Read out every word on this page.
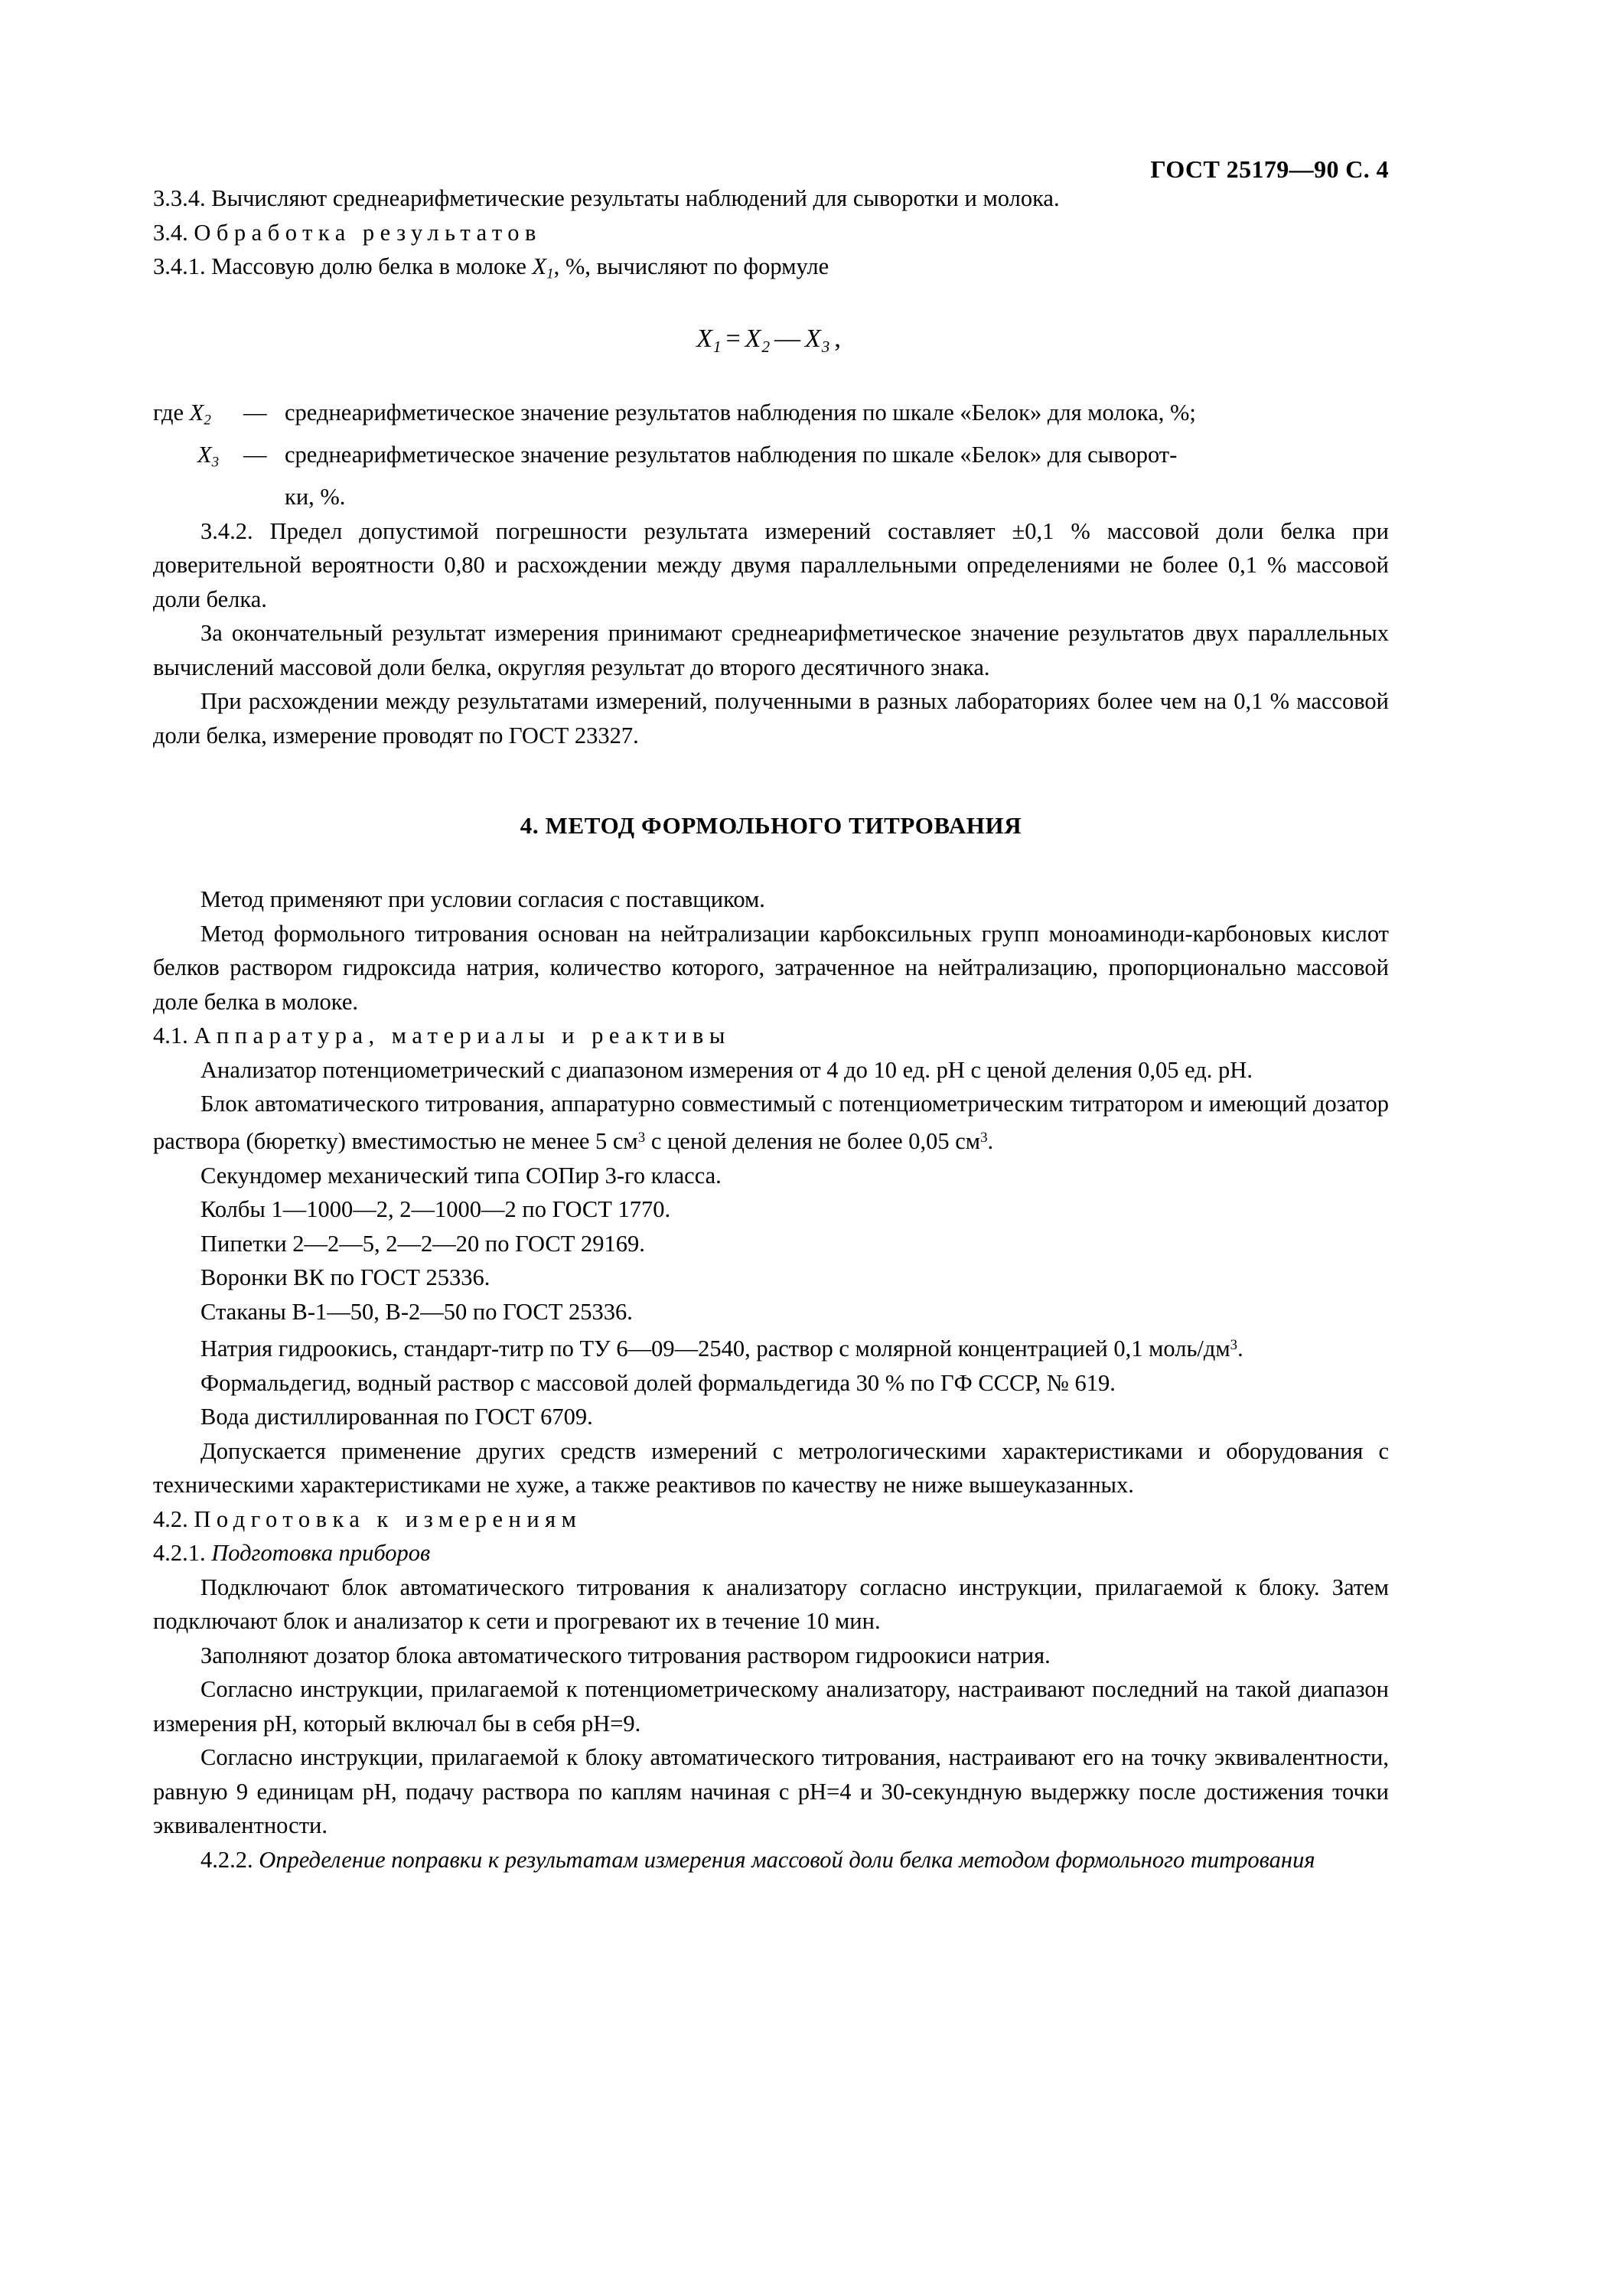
ГОСТ 25179—90 С. 4

3.3.4. Вычисляют среднеарифметические результаты наблюдений для сыворотки и молока.

3.4. Обработка результатов

3.4.1. Массовую долю белка в молоке $X_1$, %, вычисляют по формуле

$X_1 = X_2$ — $X_3$ ,
где $X_2$	— среднеарифметическое значение результатов наблюдения по шкале «Белок» для молока, %;
$X_3$	— среднеарифметическое значение результатов наблюдения по шкале «Белок» для сыворот-
ки, %.

3.4.2. Предел допустимой погрешности результата измерений составляет ±0,1 % массовой доли белка при доверительной вероятности 0,80 и расхождении между двумя параллельными определениями не более 0,1 % массовой доли белка.

За окончательный результат измерения принимают среднеарифметическое значение результатов двух параллельных вычислений массовой доли белка, округляя результат до второго десятичного знака.

При расхождении между результатами измерений, полученными в разных лабораториях более чем на 0,1 % массовой доли белка, измерение проводят по ГОСТ 23327.

4. МЕТОД ФОРМОЛЬНОГО ТИТРОВАНИЯ

Метод применяют при условии согласия с поставщиком.

Метод формольного титрования основан на нейтрализации карбоксильных групп моноаминоди-карбоновых кислот белков раствором гидроксида натрия, количество которого, затраченное на нейтрализацию, пропорционально массовой доле белка в молоке.

4.1. Аппаратура, материалы и реактивы

Анализатор потенциометрический с диапазоном измерения от 4 до 10 ед. pH с ценой деления 0,05 ед. pH.

Блок автоматического титрования, аппаратурно совместимый с потенциометрическим титратором и имеющий дозатор раствора (бюретку) вместимостью не менее 5 $см^3$ с ценой деления не более 0,05 $см^3$.

Секундомер механический типа СОПир 3-го класса.

Колбы 1—1000—2, 2—1000—2 по ГОСТ 1770.

Пипетки 2—2—5, 2—2—20 по ГОСТ 29169.

Воронки ВК по ГОСТ 25336.

Стаканы В-1—50, В-2—50 по ГОСТ 25336.

Натрия гидроокись, стандарт-титр по ТУ 6—09—2540, раствор с молярной концентрацией 0,1 моль/$дм^3$.

Формальдегид, водный раствор с массовой долей формальдегида 30 % по ГФ СССР, № 619.

Вода дистиллированная по ГОСТ 6709.

Допускается применение других средств измерений с метрологическими характеристиками и оборудования с техническими характеристиками не хуже, а также реактивов по качеству не ниже вышеуказанных.

4.2. Подготовка к измерениям

4.2.1. Подготовка приборов

Подключают блок автоматического титрования к анализатору согласно инструкции, прилагаемой к блоку. Затем подключают блок и анализатор к сети и прогревают их в течение 10 мин.

Заполняют дозатор блока автоматического титрования раствором гидроокиси натрия.

Согласно инструкции, прилагаемой к потенциометрическому анализатору, настраивают последний на такой диапазон измерения pH, который включал бы в себя pH=9.

Согласно инструкции, прилагаемой к блоку автоматического титрования, настраивают его на точку эквивалентности, равную 9 единицам pH, подачу раствора по каплям начиная с pH=4 и 30-секундную выдержку после достижения точки эквивалентности.

4.2.2. Определение поправки к результатам измерения массовой доли белка методом формольного титрования
